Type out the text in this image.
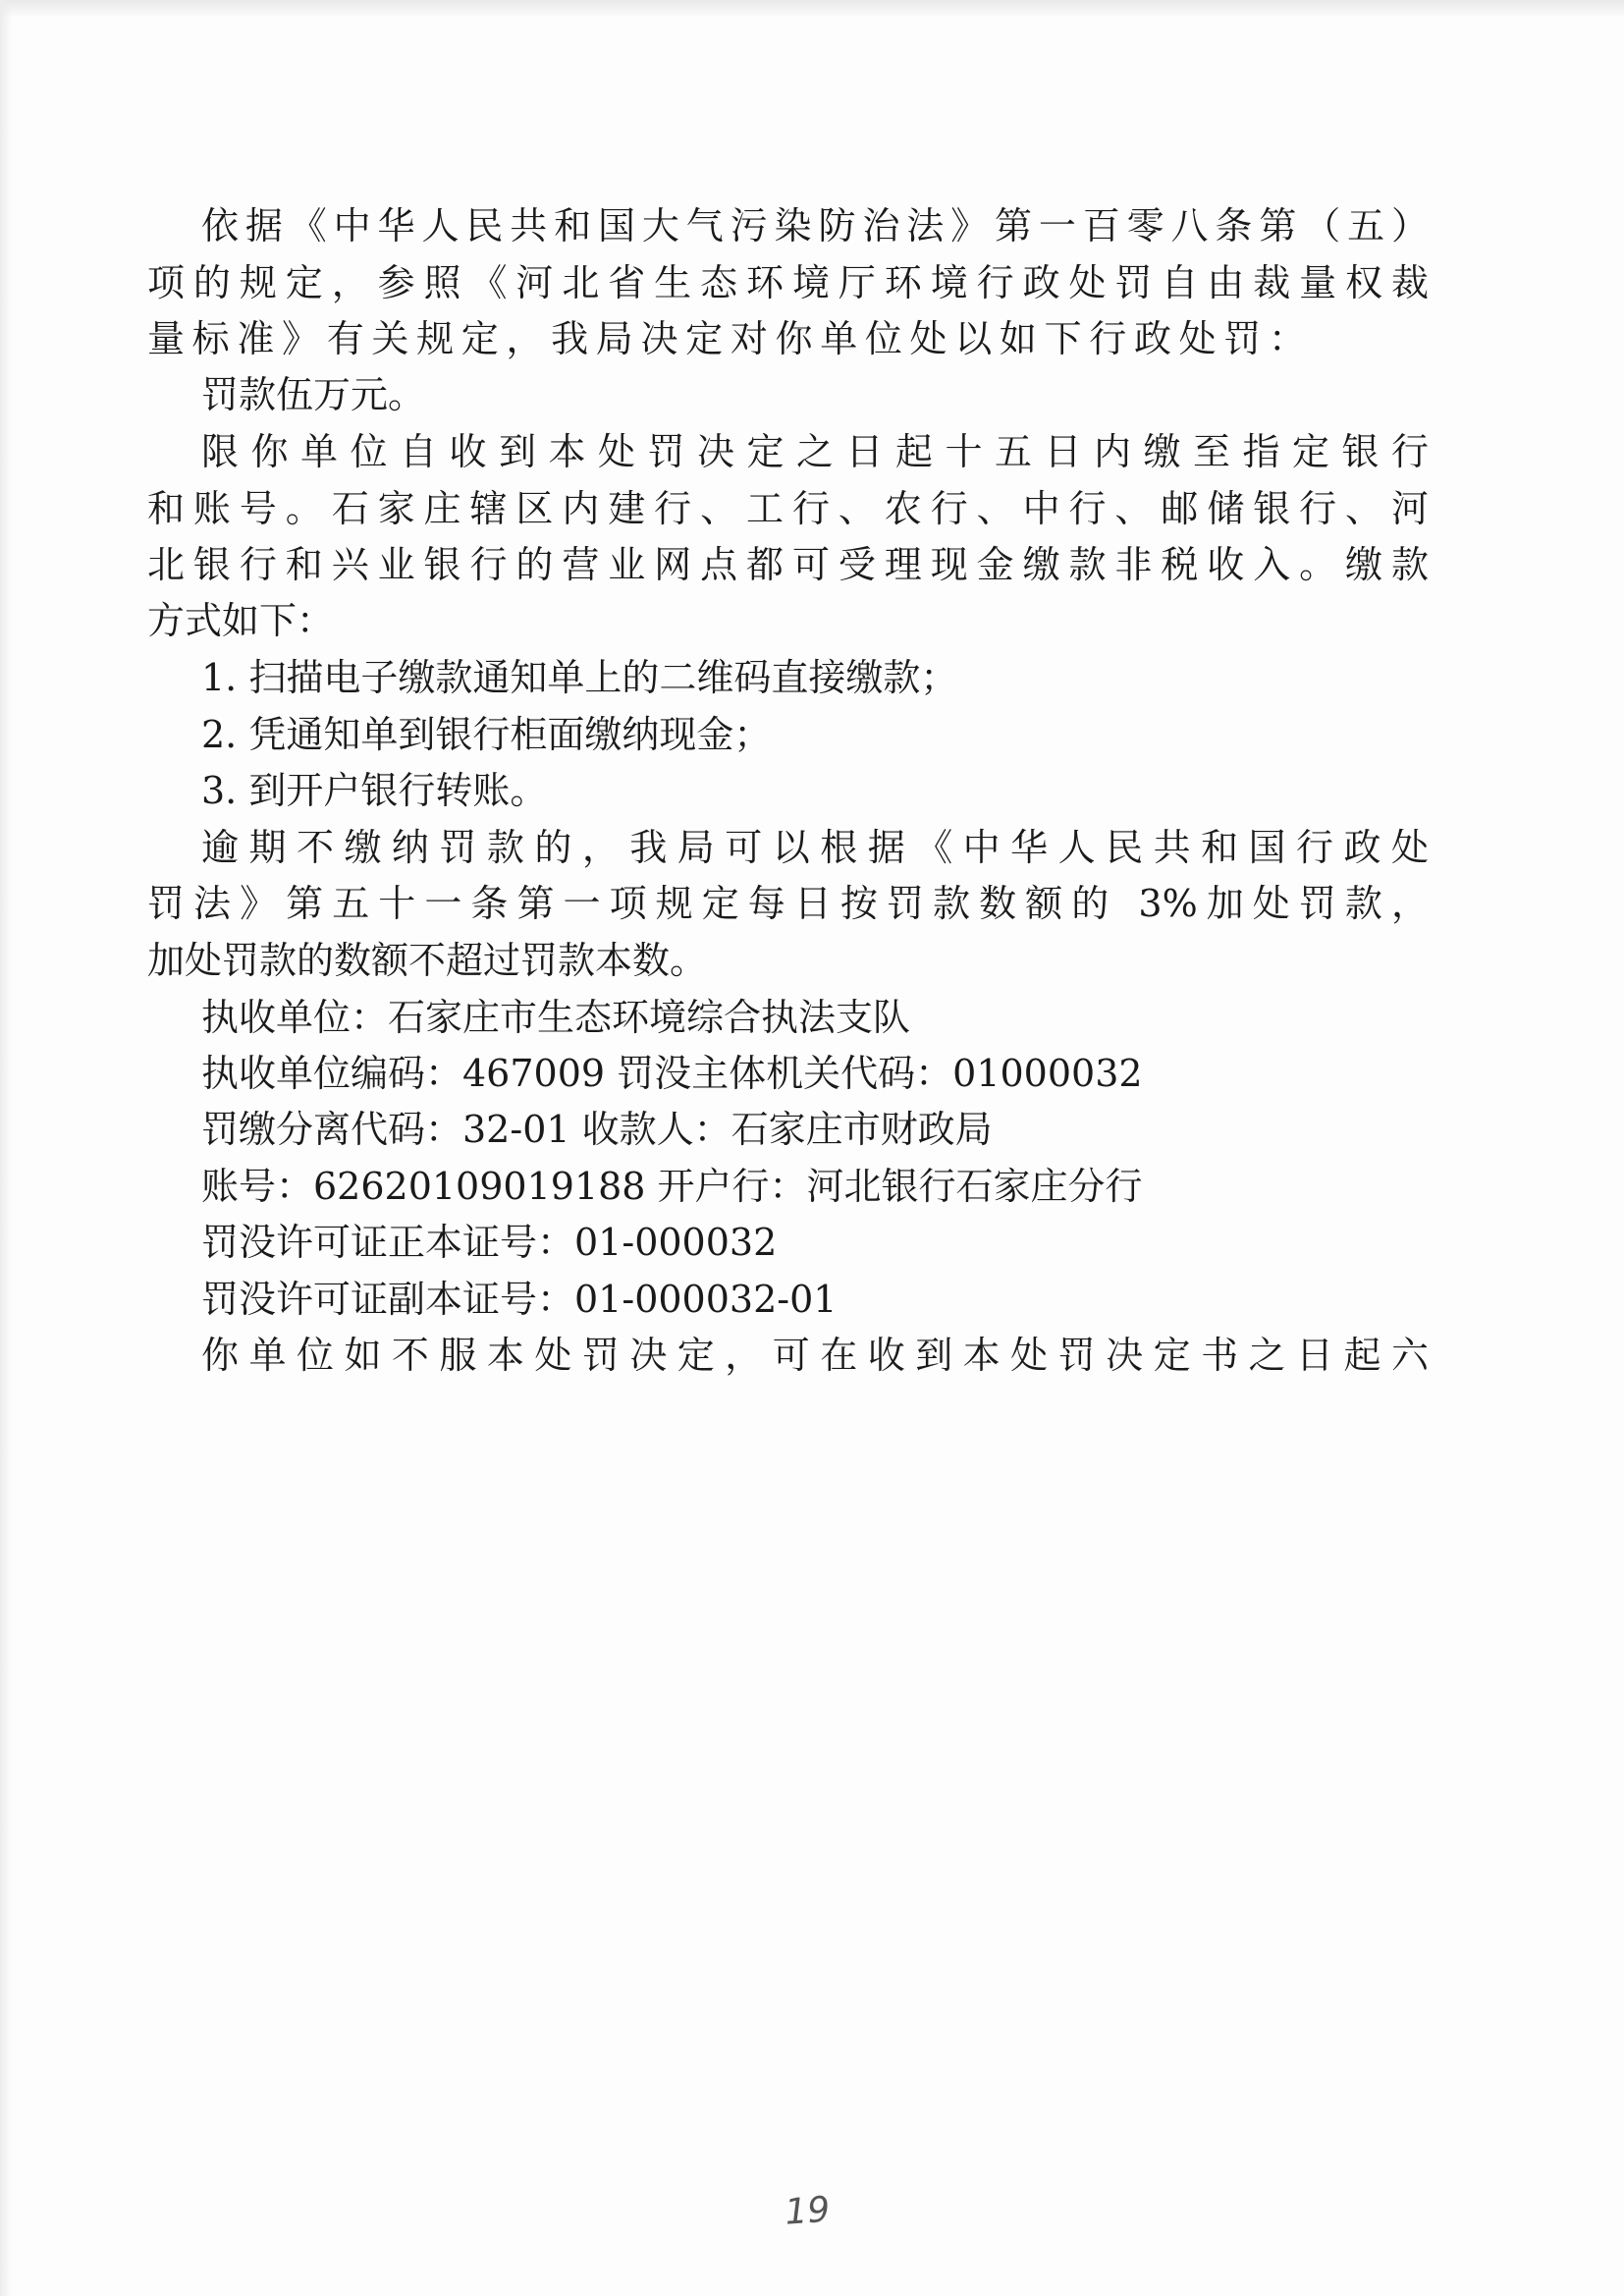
依据《中华人民共和国大气污染防治法》第一百零八条第（五）
项的规定，参照《河北省生态环境厅环境行政处罚自由裁量权裁
量标准》有关规定，我局决定对你单位处以如下行政处罚：
罚款伍万元。
限你单位自收到本处罚决定之日起十五日内缴至指定银行
和账号。石家庄辖区内建行、工行、农行、中行、邮储银行、河
北银行和兴业银行的营业网点都可受理现金缴款非税收入。缴款
方式如下：
1. 扫描电子缴款通知单上的二维码直接缴款；
2. 凭通知单到银行柜面缴纳现金；
3. 到开户银行转账。
逾期不缴纳罚款的，我局可以根据《中华人民共和国行政处
罚法》第五十一条第一项规定每日按罚款数额的 3%加处罚款，
加处罚款的数额不超过罚款本数。
执收单位：石家庄市生态环境综合执法支队
执收单位编码：467009 罚没主体机关代码：01000032
罚缴分离代码：32-01 收款人：石家庄市财政局
账号：62620109019188 开户行：河北银行石家庄分行
罚没许可证正本证号：01-000032
罚没许可证副本证号：01-000032-01
你单位如不服本处罚决定，可在收到本处罚决定书之日起六
19
